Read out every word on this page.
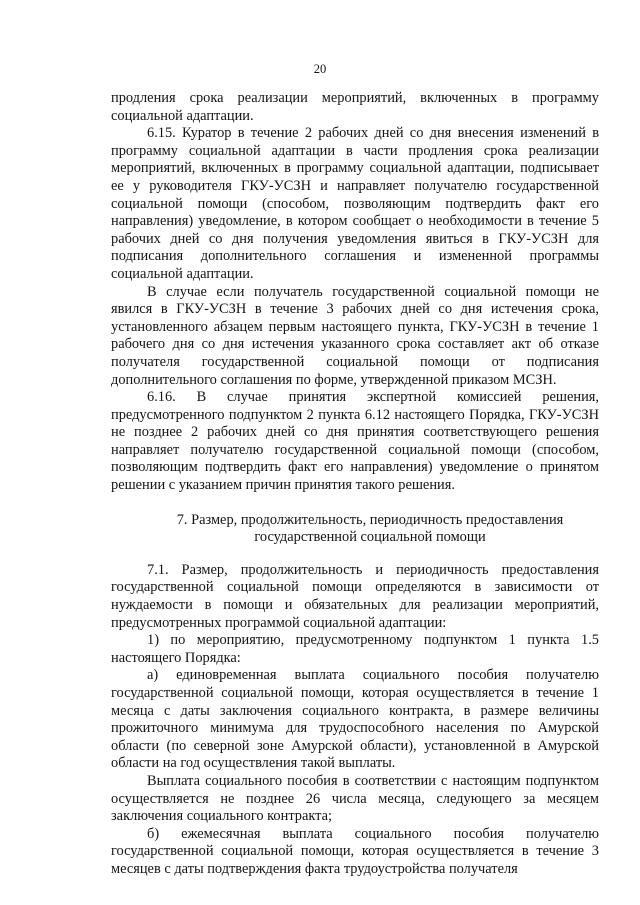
20

продления срока реализации мероприятий, включенных в программу социальной адаптации.

6.15. Куратор в течение 2 рабочих дней со дня внесения изменений в программу социальной адаптации в части продления срока реализации мероприятий, включенных в программу социальной адаптации, подписывает ее у руководителя ГКУ-УСЗН и направляет получателю государственной социальной помощи (способом, позволяющим подтвердить факт его направления) уведомление, в котором сообщает о необходимости в течение 5 рабочих дней со дня получения уведомления явиться в ГКУ-УСЗН для подписания дополнительного соглашения и измененной программы социальной адаптации.

В случае если получатель государственной социальной помощи не явился в ГКУ-УСЗН в течение 3 рабочих дней со дня истечения срока, установленного абзацем первым настоящего пункта, ГКУ-УСЗН в течение 1 рабочего дня со дня истечения указанного срока составляет акт об отказе получателя государственной социальной помощи от подписания дополнительного соглашения по форме, утвержденной приказом МСЗН.

6.16. В случае принятия экспертной комиссией решения, предусмотренного подпунктом 2 пункта 6.12 настоящего Порядка, ГКУ-УСЗН не позднее 2 рабочих дней со дня принятия соответствующего решения направляет получателю государственной социальной помощи (способом, позволяющим подтвердить факт его направления) уведомление о принятом решении с указанием причин принятия такого решения.

7. Размер, продолжительность, периодичность предоставления государственной социальной помощи

7.1. Размер, продолжительность и периодичность предоставления государственной социальной помощи определяются в зависимости от нуждаемости в помощи и обязательных для реализации мероприятий, предусмотренных программой социальной адаптации:

1) по мероприятию, предусмотренному подпунктом 1 пункта 1.5 настоящего Порядка:

а) единовременная выплата социального пособия получателю государственной социальной помощи, которая осуществляется в течение 1 месяца с даты заключения социального контракта, в размере величины прожиточного минимума для трудоспособного населения по Амурской области (по северной зоне Амурской области), установленной в Амурской области на год осуществления такой выплаты.

Выплата социального пособия в соответствии с настоящим подпунктом осуществляется не позднее 26 числа месяца, следующего за месяцем заключения социального контракта;

б) ежемесячная выплата социального пособия получателю государственной социальной помощи, которая осуществляется в течение 3 месяцев с даты подтверждения факта трудоустройства получателя
